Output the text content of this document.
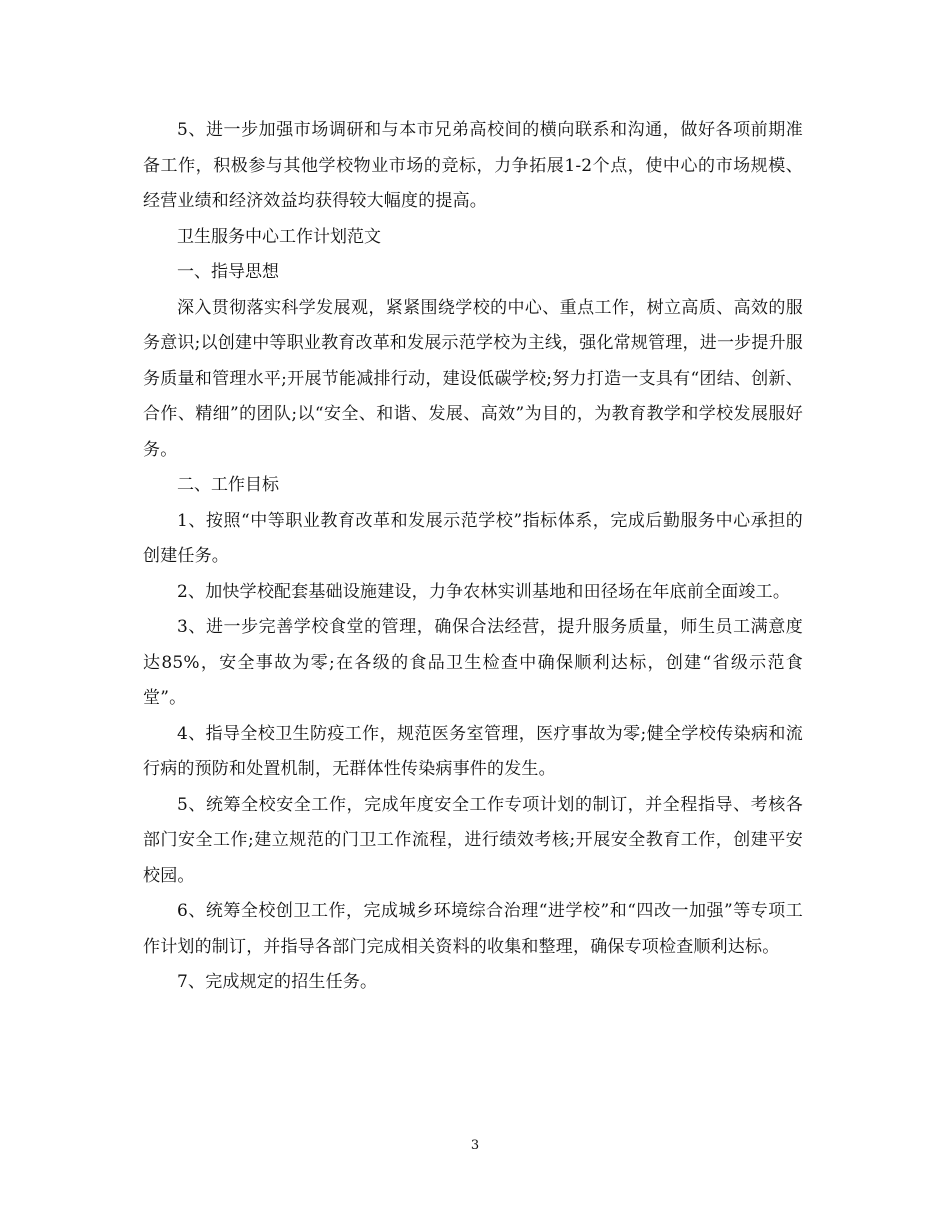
5、进一步加强市场调研和与本市兄弟高校间的横向联系和沟通，做好各项前期准备工作，积极参与其他学校物业市场的竞标，力争拓展1-2个点，使中心的市场规模、经营业绩和经济效益均获得较大幅度的提高。

卫生服务中心工作计划范文

一、指导思想

深入贯彻落实科学发展观，紧紧围绕学校的中心、重点工作，树立高质、高效的服务意识;以创建中等职业教育改革和发展示范学校为主线，强化常规管理，进一步提升服务质量和管理水平;开展节能减排行动，建设低碳学校;努力打造一支具有“团结、创新、合作、精细”的团队;以“安全、和谐、发展、高效”为目的，为教育教学和学校发展服好务。

二、工作目标

1、按照“中等职业教育改革和发展示范学校”指标体系，完成后勤服务中心承担的创建任务。

2、加快学校配套基础设施建设，力争农林实训基地和田径场在年底前全面竣工。

3、进一步完善学校食堂的管理，确保合法经营，提升服务质量，师生员工满意度达85%，安全事故为零;在各级的食品卫生检查中确保顺利达标，创建“省级示范食堂”。

4、指导全校卫生防疫工作，规范医务室管理，医疗事故为零;健全学校传染病和流行病的预防和处置机制，无群体性传染病事件的发生。

5、统筹全校安全工作，完成年度安全工作专项计划的制订，并全程指导、考核各部门安全工作;建立规范的门卫工作流程，进行绩效考核;开展安全教育工作，创建平安校园。

6、统筹全校创卫工作，完成城乡环境综合治理“进学校”和“四改一加强”等专项工作计划的制订，并指导各部门完成相关资料的收集和整理，确保专项检查顺利达标。

7、完成规定的招生任务。

3
